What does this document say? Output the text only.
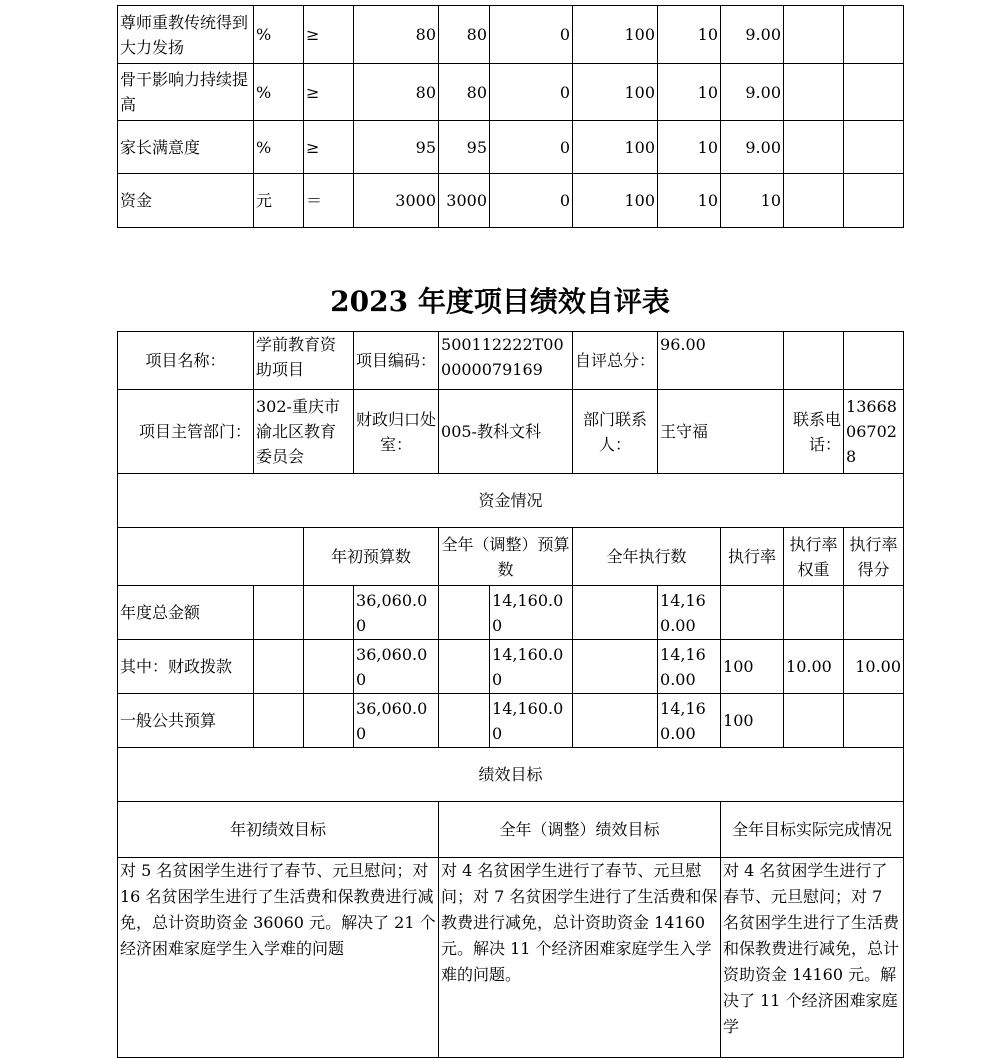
尊师重教传统得到大力发扬	%	≥	80	80	0	100	10	9.00		
骨干影响力持续提高	%	≥	80	80	0	100	10	9.00		
家长满意度	%	≥	95	95	0	100	10	9.00		
资金	元	＝	3000	3000	0	100	10	10		
2023 年度项目绩效自评表
项目名称：	学前教育资助项目		项目编码：	500112222T000000079169		自评总分：	96.00			
项目主管部门：	302-重庆市渝北区教育委员会		财政归口处室：	005-教科文科		部门联系人：	王守福		联系电话：	13668067028
资金情况										
		年初预算数		全年（调整）预算数		全年执行数		执行率	执行率权重	执行率得分
年度总金额			36,060.00		14,160.00		14,160.00			
其中：财政拨款			36,060.00		14,160.00		14,160.00	100	10.00	10.00
一般公共预算			36,060.00		14,160.00		14,160.00	100		
绩效目标										
年初绩效目标				全年（调整）绩效目标				全年目标实际完成情况		
对 5 名贫困学生进行了春节、元旦慰问；对 16 名贫困学生进行了生活费和保教费进行减免，总计资助资金 36060 元。解决了 21 个经济困难家庭学生入学难的问题				对 4 名贫困学生进行了春节、元旦慰问；对 7 名贫困学生进行了生活费和保教费进行减免，总计资助资金 14160 元。解决 11 个经济困难家庭学生入学难的问题。				对 4 名贫困学生进行了春节、元旦慰问；对 7 名贫困学生进行了生活费和保教费进行减免，总计资助资金 14160 元。解决了 11 个经济困难家庭学		
